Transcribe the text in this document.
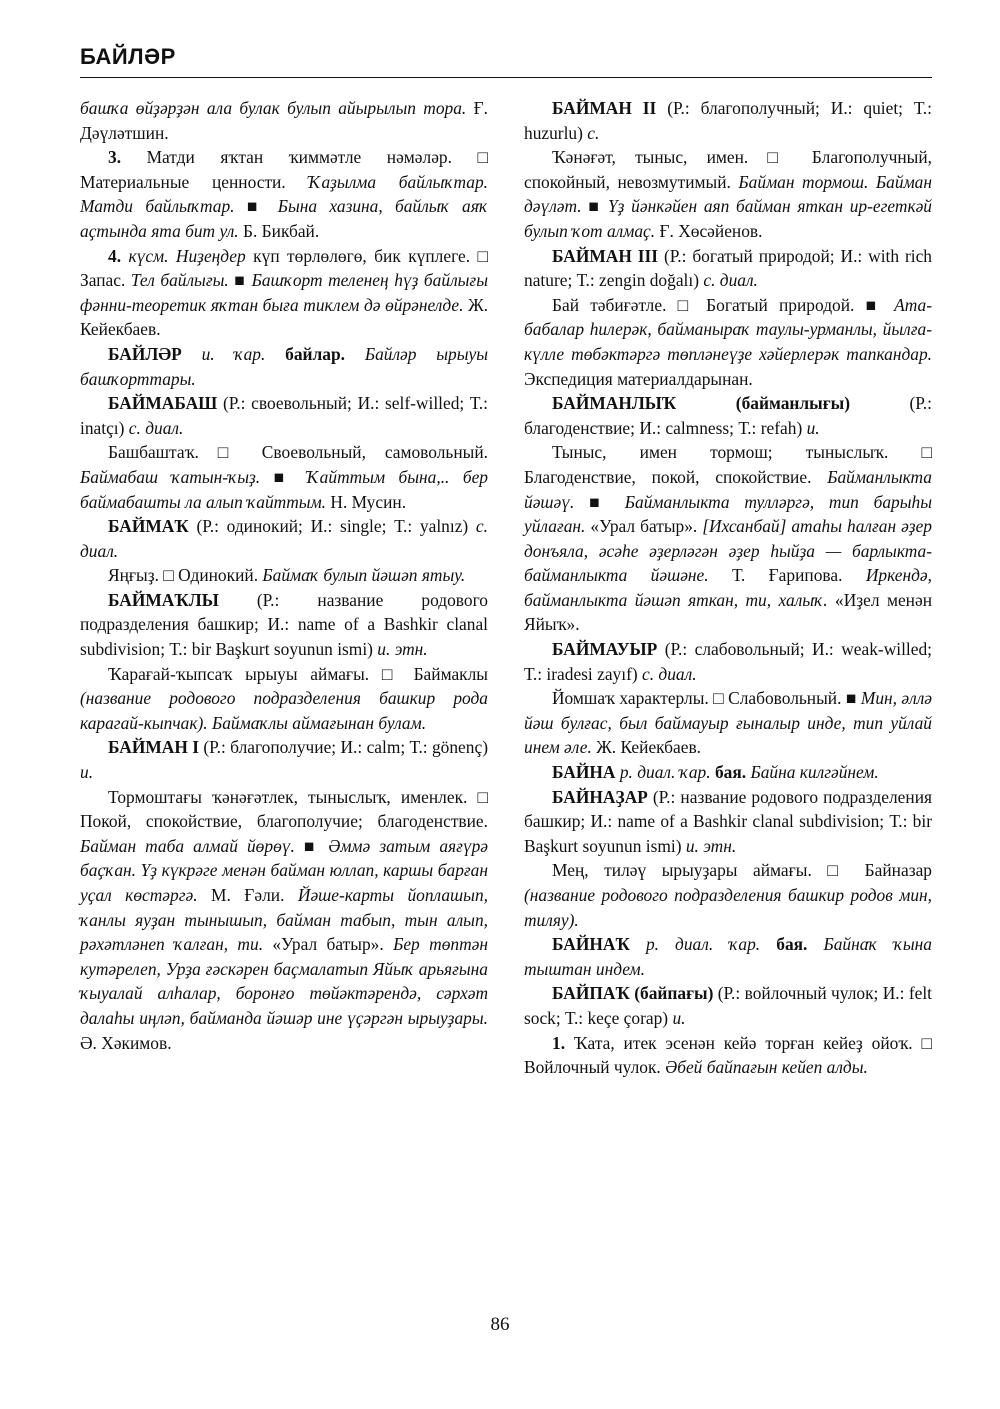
БАЙЛӘР

башҡа өйҙәрҙән ала булак булып айырылып тора. Ғ. Дәүләтшин.

3. Матди яҡтан ҡиммәтле нәмәләр. □ Материальные ценности. Ҡаҙылма байлыҡтар. Матди байлыҡтар. ■ Бына хазина, байлыҡ аяҡ аҫтында ята бит ул. Б. Бикбай.

4. күсм. Ниҙеңдер күп төрлөлөгө, бик күплеге. □ Запас. Тел байлығы. ■ Башҡорт теленең һүҙ байлығы фәнни-теоретик яҡтан бығa тиклем дә өйрәнелде. Ж. Кейекбаев.

БАЙЛӘР и. ҡар. байлар. Байләр ырыуы башҡорттары.

БАЙМАБАШ (Р.: своевольный; И.: self-willed; Т.: inatçı) с. диал.

Башбаштаҡ. □ Своевольный, самовольный. Баймабаш ҡатын-ҡыҙ. ■ Ҡайттым бына,.. бер баймабашты ла алып ҡайттым. Н. Мусин.

БАЙМАҠ (Р.: одинокий; И.: single; Т.: yalnız) с. диал.

Яңғыҙ. □ Одинокий. Баймаҡ булып йәшәп ятыу.

БАЙМАҠЛЫ (Р.: название родового подразделения башкир; И.: name of a Bashkir clanal subdivision; Т.: bir Başkurt soyunun ismi) и. этн.

Ҡарағай-ҡыпсаҡ ырыуы аймағы. □ Баймаклы (название родового подразделения башкир рода карагай-кыпчак). Баймаҡлы аймағынан булам.

БАЙМАН I (Р.: благополучие; И.: calm; Т.: gönenç) и.

Тормоштағы ҡәнәғәтлек, тыныслыҡ, именлек. □ Покой, спокойствие, благополучие; благоденствие. Байман таба алмай йөрөү. ■ Әммә затым аяғүрә баҫҡан. Үҙ күкрәге менән байман юллап, каршы барған уҫал көстәргә. М. Ғәли. Йәше-карты йоплашып, ҡанлы яуҙан тынышып, байман табып, тын алып, рәхәтләнеп ҡалған, ти. «Урал батыр». Бер төптән кутәрелеп, Урҙа ғәскәрен баҫмалатып Яйыҡ арьяғына ҡыуалай алһалар, боронғо төйәктәрендә, сәрхәт далаһы иңләп, байманда йәшәр ине үҫәргән ырыуҙары. Ә. Хәкимов.

БАЙМАН II (Р.: благополучный; И.: quiet; Т.: huzurlu) с.

Ҡәнәғәт, тыныс, имен. □ Благополучный, спокойный, невозмутимый. Байман тормош. Байман дәүләт. ■ Үҙ йәнкәйен аяп байман яткан ир-егеткәй булып ҡот алмаҫ. Ғ. Хөсәйенов.

БАЙМАН III (Р.: богатый природой; И.: with rich nature; Т.: zengin doğalı) с. диал.

Бай тәбиғәтле. □ Богатый природой. ■ Ата-бабалар һилерәк, байманыраҡ таулы-урманлы, йылға-күлле төбәктәргә төпләнеүҙе хәйерлерәк тапкандар. Экспедиция материалдарынан.

БАЙМАНЛЫҠ (байманлығы) (Р.: благоденствие; И.: calmness; Т.: refah) и.

Тыныс, имен тормош; тыныслыҡ. □ Благоденствие, покой, спокойствие. Байманлыкта йәшәү. ■ Байманлыкта тулләргә, тип барыһы уйлаған. «Урал батыр». [Ихсанбай] атаһы һалған әҙер донъяла, әсәһе әҙерләгән әҙер һыйҙа — барлыкта-байманлыкта йәшәне. Т. Ғарипова. Иркендә, байманлыкта йәшәп яткан, ти, халыҡ. «Иҙел менән Яйыҡ».

БАЙМАУЫР (Р.: слабовольный; И.: weak-willed; Т.: iradesi zayıf) с. диал.

Йомшаҡ характерлы. □ Слабовольный. ■ Мин, әллә йәш булғас, был баймауыр ғыналыр инде, тип уйлай инем әле. Ж. Кейекбаев.

БАЙНА р. диал. ҡар. бая. Байна килгәйнем.

БАЙНАҘАР (Р.: название родового подразделения башкир; И.: name of a Bashkir clanal subdivision; Т.: bir Başkurt soyunun ismi) и. этн.

Мең, тиләү ырыуҙары аймағы. □ Байназар (название родового подразделения башкир родов мин, тиляу).

БАЙНАҠ р. диал. ҡар. бая. Байнаҡ ҡына тыштан индем.

БАЙПАҠ (байпағы) (Р.: войлочный чулок; И.: felt sock; Т.: keçe çorap) и.

1. Ҡата, итек эсенән кейә торған кейеҙ ойоҡ. □ Войлочный чулок. Әбей байпағын кейеп алды.

86
